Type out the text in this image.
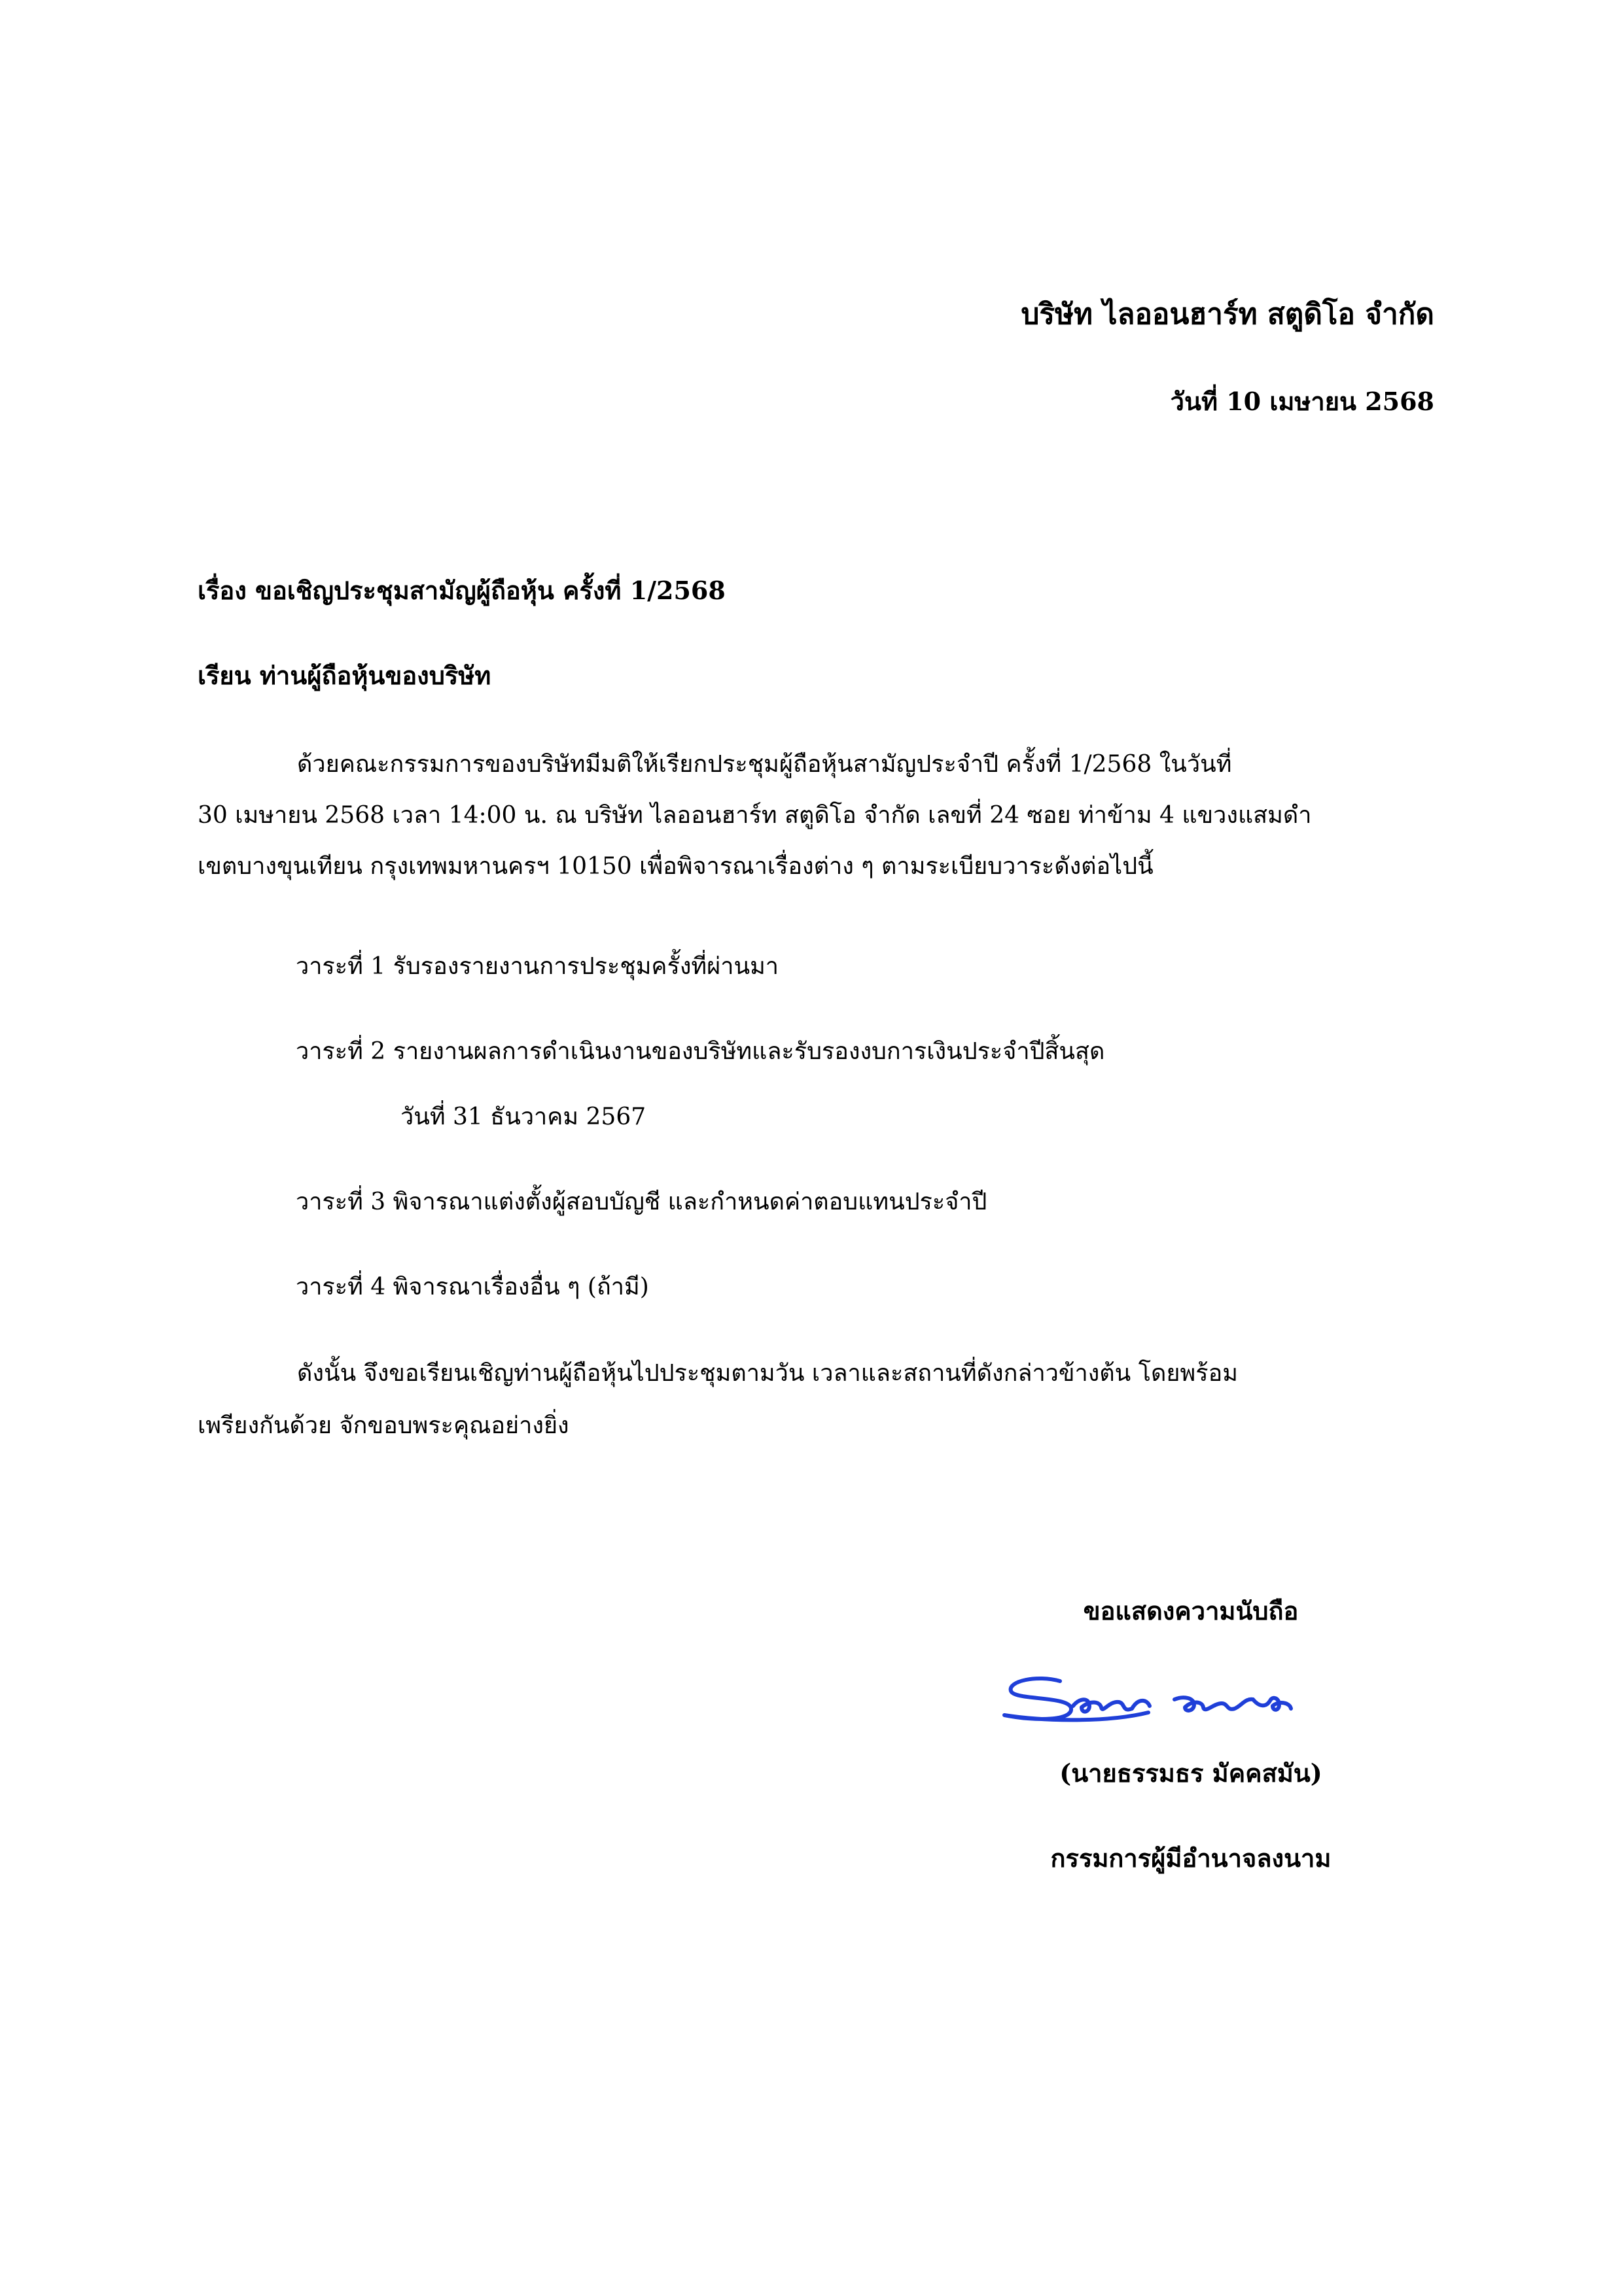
บริษัท ไลออนฮาร์ท สตูดิโอ จำกัด
วันที่ 10 เมษายน 2568
เรื่อง ขอเชิญประชุมสามัญผู้ถือหุ้น ครั้งที่ 1/2568
เรียน ท่านผู้ถือหุ้นของบริษัท
ด้วยคณะกรรมการของบริษัทมีมติให้เรียกประชุมผู้ถือหุ้นสามัญประจำปี ครั้งที่ 1/2568 ในวันที่
30 เมษายน 2568 เวลา 14:00 น. ณ บริษัท ไลออนฮาร์ท สตูดิโอ จำกัด เลขที่ 24 ซอย ท่าข้าม 4 แขวงแสมดำ
เขตบางขุนเทียน กรุงเทพมหานครฯ 10150 เพื่อพิจารณาเรื่องต่าง ๆ ตามระเบียบวาระดังต่อไปนี้
วาระที่ 1 รับรองรายงานการประชุมครั้งที่ผ่านมา
วาระที่ 2 รายงานผลการดำเนินงานของบริษัทและรับรองงบการเงินประจำปีสิ้นสุด
วันที่ 31 ธันวาคม 2567
วาระที่ 3 พิจารณาแต่งตั้งผู้สอบบัญชี และกำหนดค่าตอบแทนประจำปี
วาระที่ 4 พิจารณาเรื่องอื่น ๆ (ถ้ามี)
ดังนั้น จึงขอเรียนเชิญท่านผู้ถือหุ้นไปประชุมตามวัน เวลาและสถานที่ดังกล่าวข้างต้น โดยพร้อม
เพรียงกันด้วย จักขอบพระคุณอย่างยิ่ง
ขอแสดงความนับถือ
(นายธรรมธร มัคคสมัน)
กรรมการผู้มีอำนาจลงนาม
